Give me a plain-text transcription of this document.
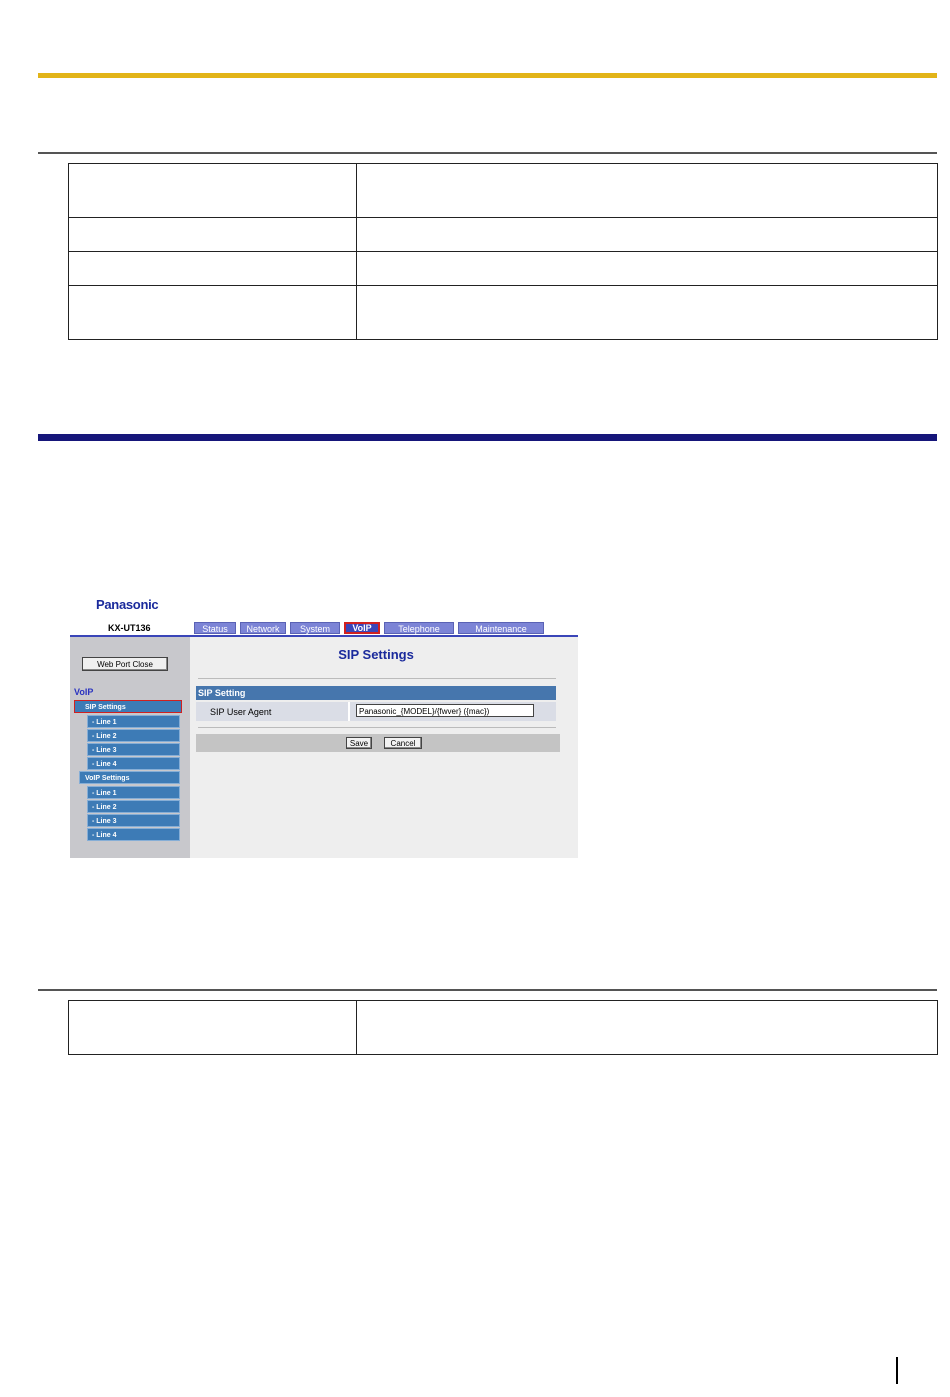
Panasonic
KX-UT136	Status	Network	System	VoIP	Telephone	Maintenance
Web Port Close
VoIP
SIP Settings
- Line 1
- Line 2
- Line 3
- Line 4
VoIP Settings
- Line 1
- Line 2
- Line 3
- Line 4
SIP Settings
SIP Setting
SIP User Agent	Panasonic_{MODEL}/{fwver} ({mac})
Save	Cancel
